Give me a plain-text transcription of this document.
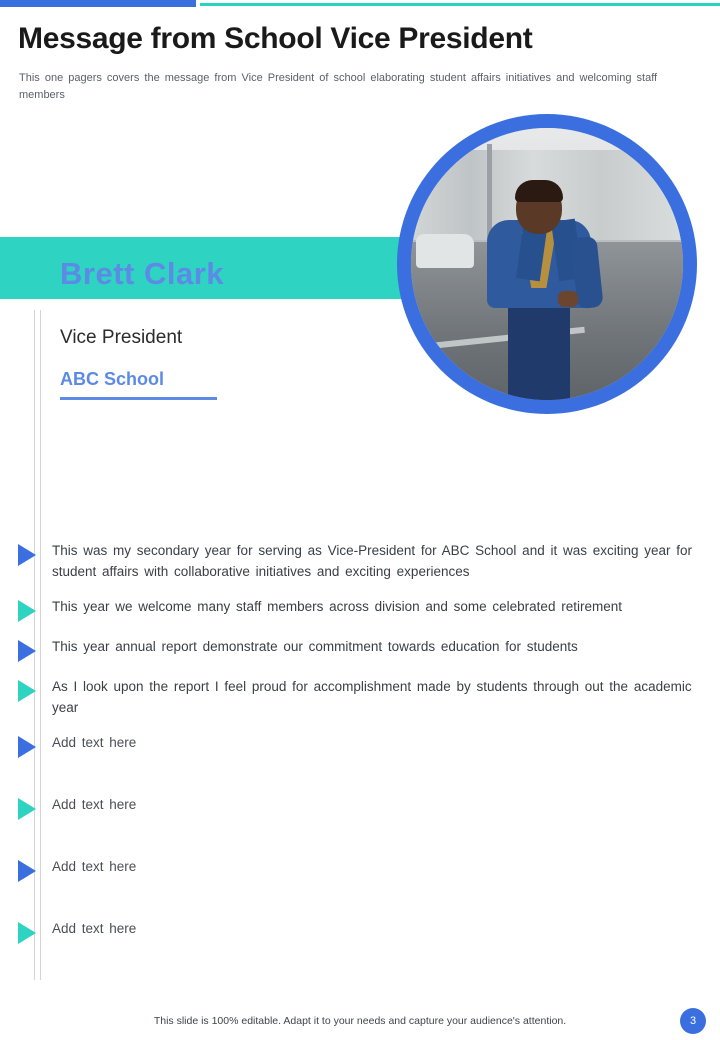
Message from School Vice President
This one pagers covers the message from Vice President of school elaborating student affairs initiatives and welcoming staff members
Brett Clark
Vice President
ABC School
This was my secondary year for serving as Vice-President for ABC School and it was exciting year for student affairs with collaborative initiatives and exciting experiences
This year we welcome many staff members across division and some celebrated retirement
This year annual report demonstrate our commitment towards education for students
As I look upon the report I feel proud for accomplishment made by students through out the academic year
Add text here
Add text here
Add text here
Add text here
This slide is 100% editable. Adapt it to your needs and capture your audience's attention.	3
